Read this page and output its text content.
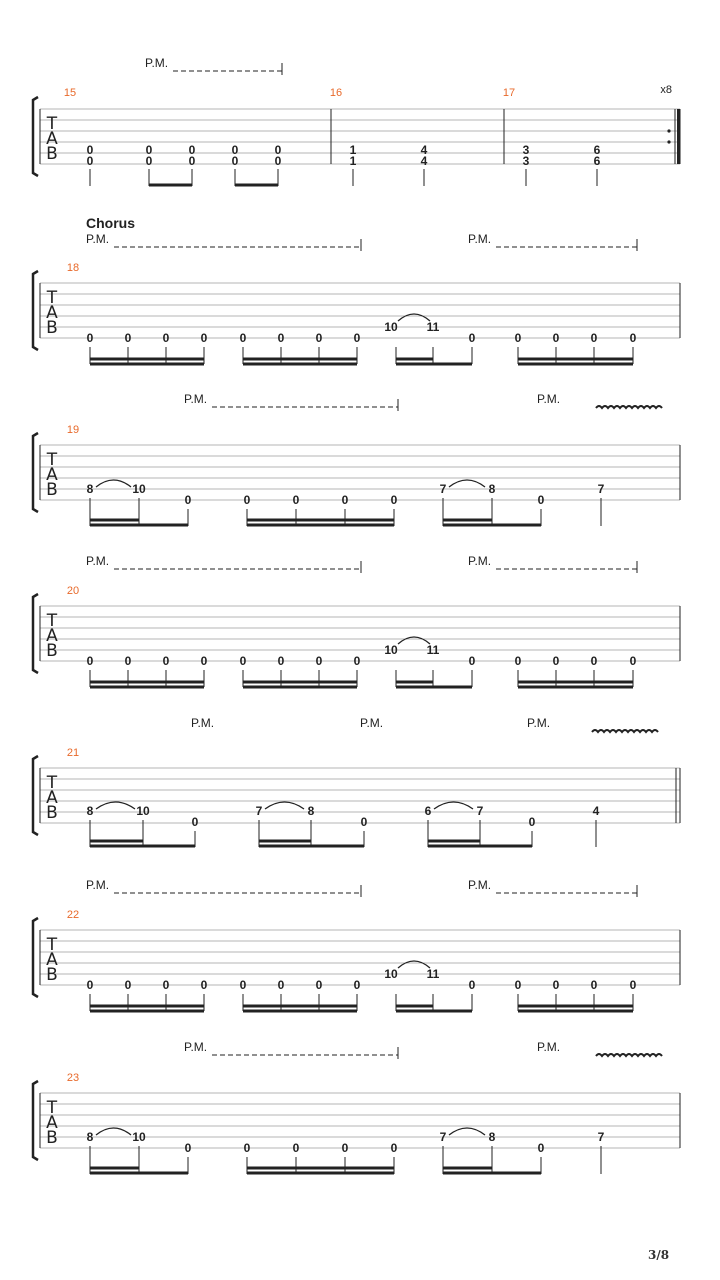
T
A
B
P.M.
15	16	17	x8
0
0
0
0
0
0
0
0
0
0
1
1
4
4
3
3
6
6
T
A
B
Chorus
18
P.M.	P.M.
0	0	0	0	0	0	0	0
10 11
0	0	0	0	0
T
A
B
20
P.M.	P.M.
0	0	0	0	0	0	0	0
10 11
0	0	0	0	0
T
A
B
22
P.M.	P.M.
0	0	0	0	0	0	0	0
10 11
0	0	0	0	0
T
A
B
19
P.M.	P.M.
8	10
0	0	0	0	0
7	8
0
7
T
A
B
23
P.M.	P.M.
8	10
0	0	0	0	0
7	8
0
7
T
A
B
21
P.M.	P.M.	P.M.
8	10
0
7	8
0
6	7
0
4
3/8
